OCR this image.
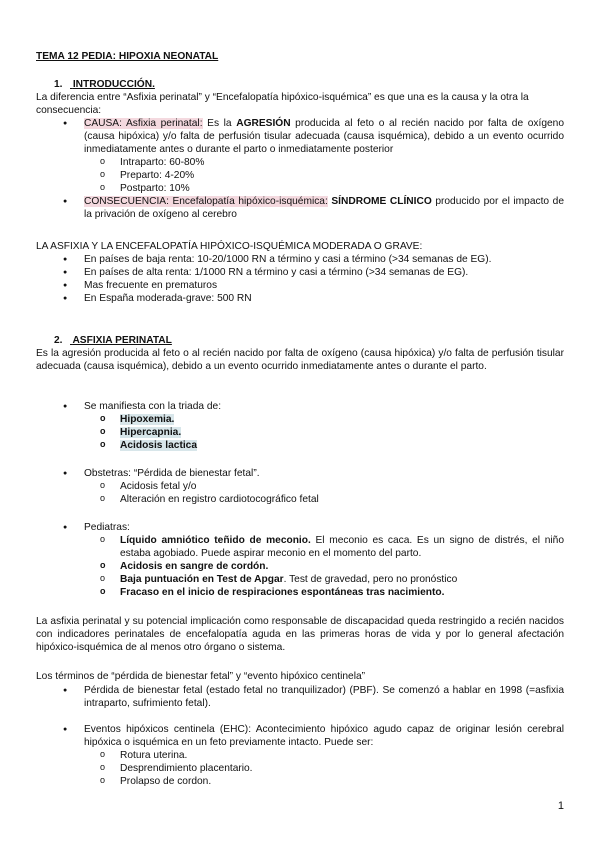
TEMA 12 PEDIA: HIPOXIA NEONATAL
1. INTRODUCCIÓN.
La diferencia entre “Asfixia perinatal” y “Encefalopatía hipóxico-isquémica” es que una es la causa y la otra la consecuencia:
● CAUSA: Asfixia perinatal: Es la AGRESIÓN producida al feto o al recién nacido por falta de oxígeno (causa hipóxica) y/o falta de perfusión tisular adecuada (causa isquémica), debido a un evento ocurrido inmediatamente antes o durante el parto o inmediatamente posterior
o Intraparto: 60-80%
o Preparto: 4-20%
o Postparto: 10%
● CONSECUENCIA: Encefalopatía hipóxico-isquémica: SÍNDROME CLÍNICO producido por el impacto de la privación de oxígeno al cerebro
LA ASFIXIA Y LA ENCEFALOPATÍA HIPÓXICO-ISQUÉMICA MODERADA O GRAVE:
● En países de baja renta: 10-20/1000 RN a término y casi a término (>34 semanas de EG).
● En países de alta renta: 1/1000 RN a término y casi a término (>34 semanas de EG).
● Mas frecuente en prematuros
● En España moderada-grave: 500 RN
2. ASFIXIA PERINATAL
Es la agresión producida al feto o al recién nacido por falta de oxígeno (causa hipóxica) y/o falta de perfusión tisular adecuada (causa isquémica), debido a un evento ocurrido inmediatamente antes o durante el parto.
● Se manifiesta con la triada de:
o Hipoxemia.
o Hipercapnia.
o Acidosis lactica
● Obstetras: “Pérdida de bienestar fetal”.
o Acidosis fetal y/o
o Alteración en registro cardiotocográfico fetal
● Pediatras:
o Líquido amniótico teñido de meconio. El meconio es caca. Es un signo de distrés, el niño estaba agobiado. Puede aspirar meconio en el momento del parto.
o Acidosis en sangre de cordón.
o Baja puntuación en Test de Apgar. Test de gravedad, pero no pronóstico
o Fracaso en el inicio de respiraciones espontáneas tras nacimiento.
La asfixia perinatal y su potencial implicación como responsable de discapacidad queda restringido a recién nacidos con indicadores perinatales de encefalopatía aguda en las primeras horas de vida y por lo general afectación hipóxico-isquémica de al menos otro órgano o sistema.
Los términos de “pérdida de bienestar fetal” y “evento hipóxico centinela”
● Pérdida de bienestar fetal (estado fetal no tranquilizador) (PBF). Se comenzó a hablar en 1998 (=asfixia intraparto, sufrimiento fetal).
● Eventos hipóxicos centinela (EHC): Acontecimiento hipóxico agudo capaz de originar lesión cerebral hipóxica o isquémica en un feto previamente intacto. Puede ser:
o Rotura uterina.
o Desprendimiento placentario.
o Prolapso de cordon.
1
